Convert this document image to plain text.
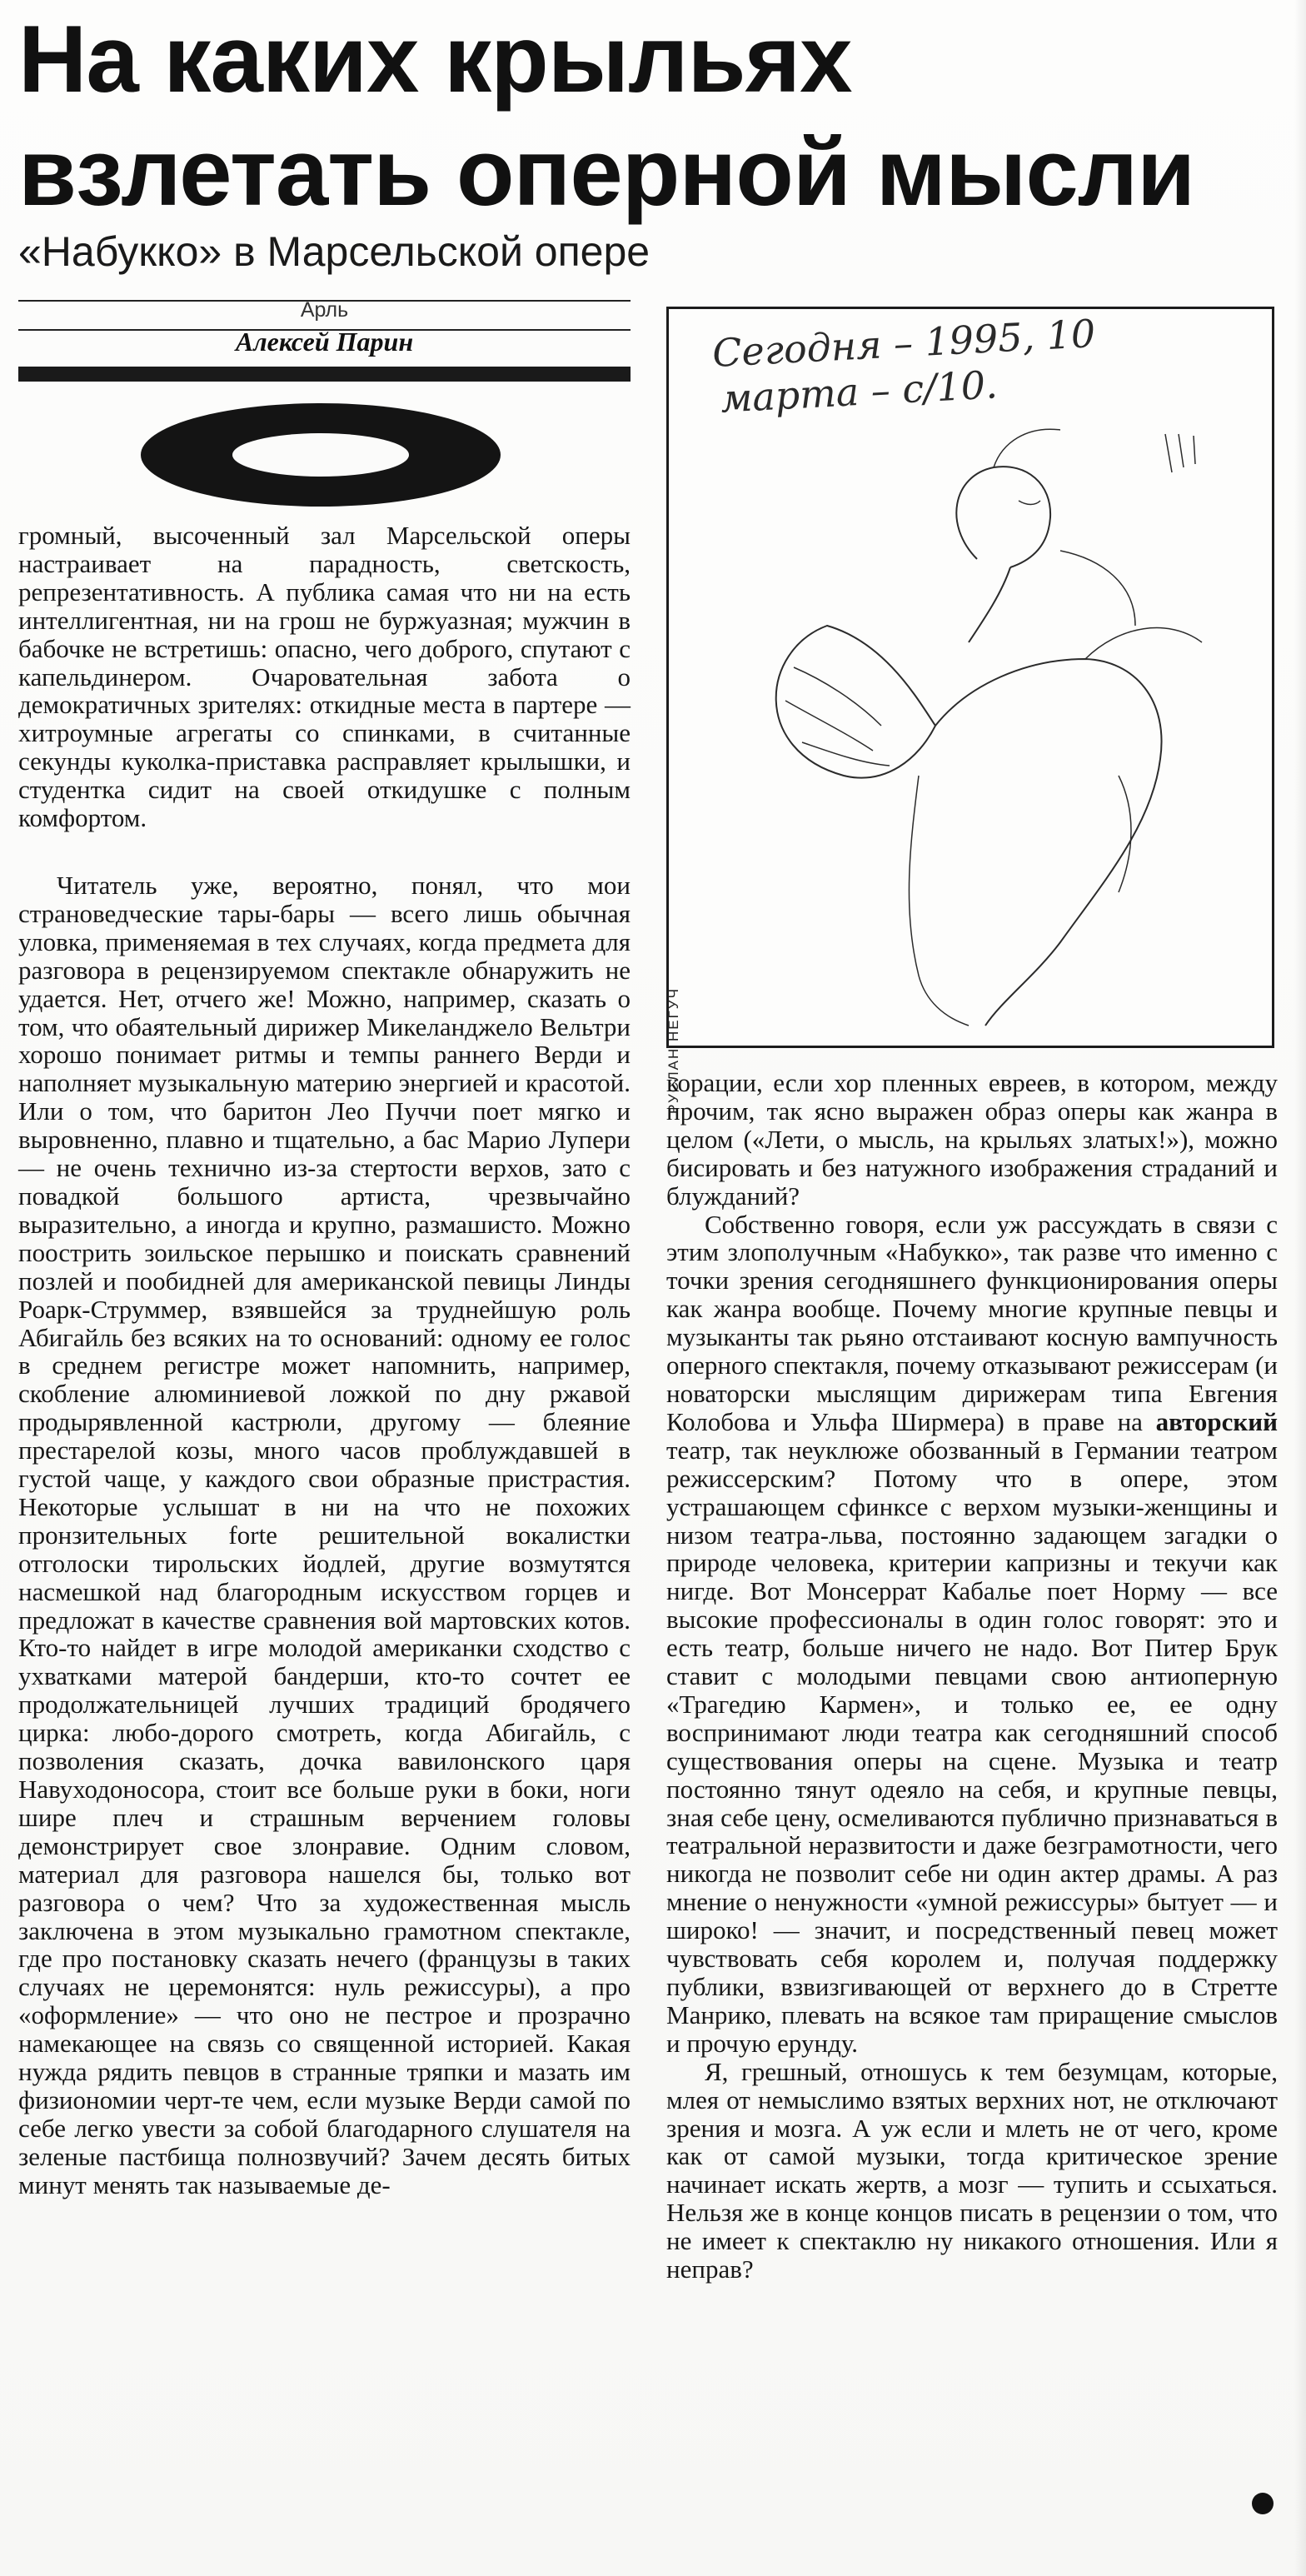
На каких крыльях
взлетать оперной мысли
«Набукко» в Марсельской опере
Арль
Алексей Парин

громный, высоченный зал Марсельской оперы настраивает на парадность, светскость, репрезентативность. А публика самая что ни на есть интеллигентная, ни на грош не буржуазная; мужчин в бабочке не встретишь: опасно, чего доброго, спутают с капельдинером. Очаровательная забота о демократичных зрителях: откидные места в партере — хитроумные агрегаты со спинками, в считанные секунды куколка-приставка расправляет крылышки, и студентка сидит на своей откидушке с полным комфортом.

Читатель уже, вероятно, понял, что мои страноведческие тары-бары — всего лишь обычная уловка, применяемая в тех случаях, когда предмета для разговора в рецензируемом спектакле обнаружить не удается. Нет, отчего же! Можно, например, сказать о том, что обаятельный дирижер Микеланджело Вельтри хорошо понимает ритмы и темпы раннего Верди и наполняет музыкальную материю энергией и красотой. Или о том, что баритон Лео Пуччи поет мягко и выровненно, плавно и тщательно, а бас Марио Лупери — не очень технично из-за стертости верхов, зато с повадкой большого артиста, чрезвычайно выразительно, а иногда и крупно, размашисто. Можно поострить зоильское перышко и поискать сравнений позлей и пообидней для американской певицы Линды Роарк-Струммер, взявшейся за труднейшую роль Абигайль без всяких на то оснований: одному ее голос в среднем регистре может напомнить, например, скобление алюминиевой ложкой по дну ржавой продырявленной кастрюли, другому — блеяние престарелой козы, много часов проблуждавшей в густой чаще, у каждого свои образные пристрастия. Некоторые услышат в ни на что не похожих пронзительных forte решительной вокалистки отголоски тирольских йодлей, другие возмутятся насмешкой над благородным искусством горцев и предложат в качестве сравнения вой мартовских котов. Кто-то найдет в игре молодой американки сходство с ухватками матерой бандерши, кто-то сочтет ее продолжательницей лучших традиций бродячего цирка: любо-дорого смотреть, когда Абигайль, с позволения сказать, дочка вавилонского царя Навуходоносора, стоит все больше руки в боки, ноги шире плеч и страшным верчением головы демонстрирует свое злонравие. Одним словом, материал для разговора нашелся бы, только вот разговора о чем? Что за художественная мысль заключена в этом музыкально грамотном спектакле, где про постановку сказать нечего (французы в таких случаях не церемонятся: нуль режиссуры), а про «оформление» — что оно не пестрое и прозрачно намекающее на связь со священной историей. Какая нужда рядить певцов в странные тряпки и мазать им физиономии черт-те чем, если музыке Верди самой по себе легко увести за собой благодарного слушателя на зеленые пастбища полнозвучий? Зачем десять битых минут менять так называемые де-

Сегодня – 1995, 10
марта – с/10.
РУСЛАН НЕГУЧ

корации, если хор пленных евреев, в котором, между прочим, так ясно выражен образ оперы как жанра в целом («Лети, о мысль, на крыльях златых!»), можно бисировать и без натужного изображения страданий и блужданий?

Собственно говоря, если уж рассуждать в связи с этим злополучным «Набукко», так разве что именно с точки зрения сегодняшнего функционирования оперы как жанра вообще. Почему многие крупные певцы и музыканты так рьяно отстаивают косную вампучность оперного спектакля, почему отказывают режиссерам (и новаторски мыслящим дирижерам типа Евгения Колобова и Ульфа Ширмера) в праве на авторский театр, так неуклюже обозванный в Германии театром режиссерским? Потому что в опере, этом устрашающем сфинксе с верхом музыки-женщины и низом театра-льва, постоянно задающем загадки о природе человека, критерии капризны и текучи как нигде. Вот Монсеррат Кабалье поет Норму — все высокие профессионалы в один голос говорят: это и есть театр, больше ничего не надо. Вот Питер Брук ставит с молодыми певцами свою антиоперную «Трагедию Кармен», и только ее, ее одну воспринимают люди театра как сегодняшний способ существования оперы на сцене. Музыка и театр постоянно тянут одеяло на себя, и крупные певцы, зная себе цену, осмеливаются публично признаваться в театральной неразвитости и даже безграмотности, чего никогда не позволит себе ни один актер драмы. А раз мнение о ненужности «умной режиссуры» бытует — и широко! — значит, и посредственный певец может чувствовать себя королем и, получая поддержку публики, взвизгивающей от верхнего до в Стретте Манрико, плевать на всякое там приращение смыслов и прочую ерунду.

Я, грешный, отношусь к тем безумцам, которые, млея от немыслимо взятых верхних нот, не отключают зрения и мозга. А уж если и млеть не от чего, кроме как от самой музыки, тогда критическое зрение начинает искать жертв, а мозг — тупить и ссыхаться. Нельзя же в конце концов писать в рецензии о том, что не имеет к спектаклю ну никакого отношения. Или я неправ?
